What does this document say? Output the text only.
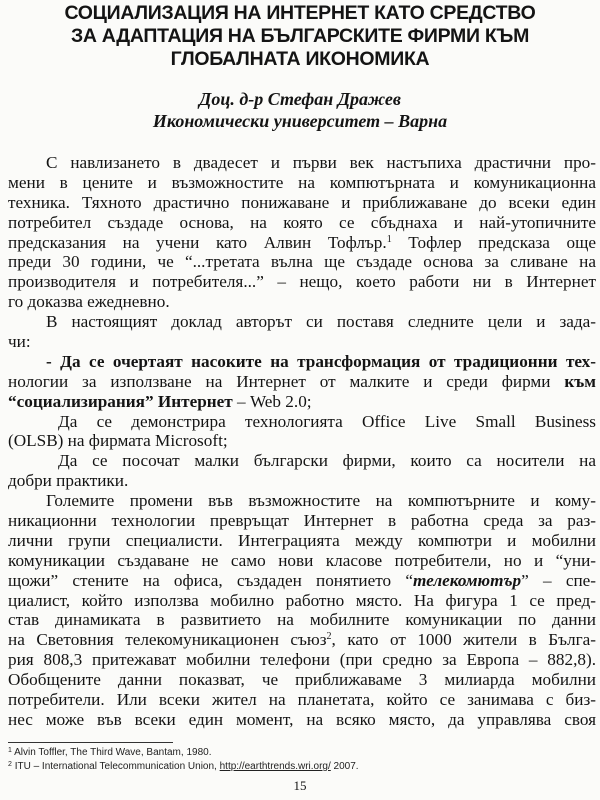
СОЦИАЛИЗАЦИЯ НА ИНТЕРНЕТ КАТО СРЕДСТВО
ЗА АДАПТАЦИЯ НА БЪЛГАРСКИТЕ ФИРМИ КЪМ
ГЛОБАЛНАТА ИКОНОМИКА
Доц. д-р Стефан Дражев
Икономически университет – Варна
С навлизането в двадесет и първи век настъпиха драстични про-
мени в цените и възможностите на компютърната и комуникационна
техника. Тяхното драстично понижаване и приближаване до всеки един
потребител създаде основа, на която се сбъднаха и най-утопичните
предсказания на учени като Алвин Тофлър.$^1$ Тофлер предсказа още
преди 30 години, че “...третата вълна ще създаде основа за сливане на
производителя и потребителя...” – нещо, което работи ни в Интернет
го доказва ежедневно.
В настоящият доклад авторът си поставя следните цели и зада-
чи:
- Да се очертаят насоките на трансформация от традиционни тех-
нологии за използване на Интернет от малките и среди фирми към
“социализирания” Интернет – Web 2.0;
Да се демонстрира технологията Office Live Small Business
(OLSB) на фирмата Microsoft;
Да се посочат малки български фирми, които са носители на
добри практики.
Големите промени във възможностите на компютърните и кому-
никационни технологии превръщат Интернет в работна среда за раз-
лични групи специалисти. Интеграцията между компютри и мобилни
комуникации създаване не само нови класове потребители, но и “уни-
щожи” стените на офиса, създаден понятието “телекомютър” – спе-
циалист, който използва мобилно работно място. На фигура 1 се пред-
став динамиката в развитието на мобилните комуникации по данни
на Световния телекомуникационен съюз$^2$, като от 1000 жители в Бълга-
рия 808,3 притежават мобилни телефони (при средно за Европа – 882,8).
Обобщените данни показват, че приближаваме 3 милиарда мобилни
потребители. Или всеки жител на планетата, който се занимава с биз-
нес може във всеки един момент, на всяко място, да управлява своя
$^1$ Alvin Toffler, The Third Wave, Bantam, 1980.
$^2$ ITU – International Telecommunication Union, http://earthtrends.wri.org/ 2007.
15
